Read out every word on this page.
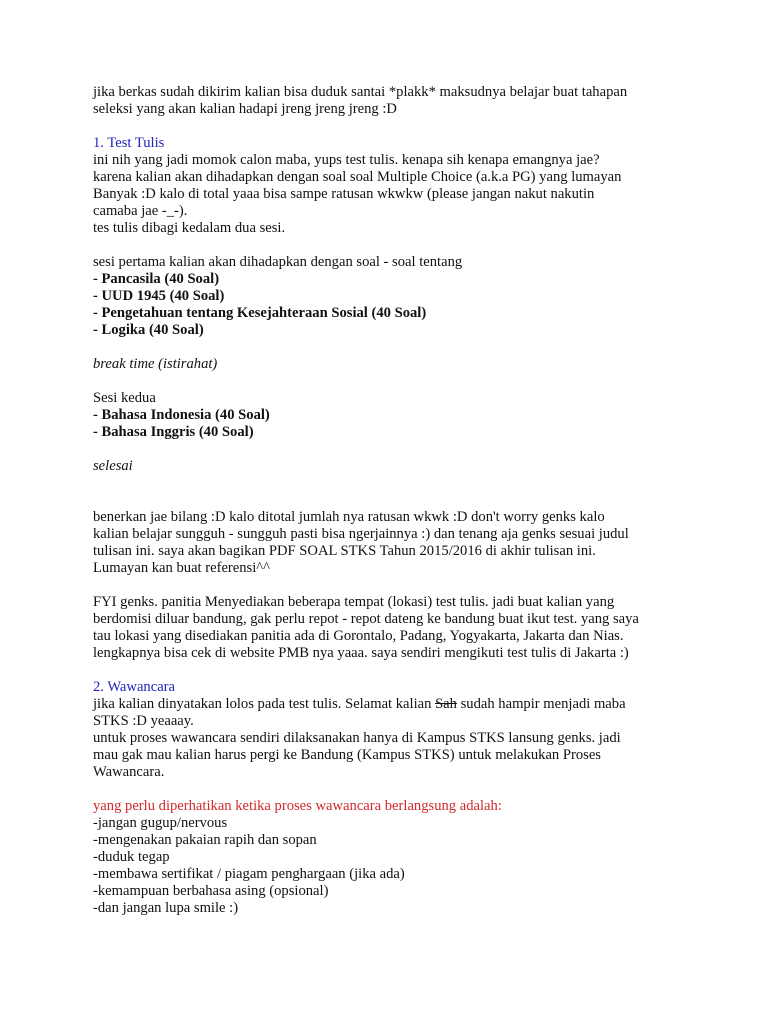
jika berkas sudah dikirim kalian bisa duduk santai *plakk* maksudnya belajar buat tahapan
seleksi yang akan kalian hadapi jreng jreng jreng :D
1. Test Tulis
ini nih yang jadi momok calon maba, yups test tulis. kenapa sih kenapa emangnya jae?
karena kalian akan dihadapkan dengan soal soal Multiple Choice (a.k.a PG) yang lumayan
Banyak :D kalo di total yaaa bisa sampe ratusan wkwkw (please jangan nakut nakutin
camaba jae -_-).
tes tulis dibagi kedalam dua sesi.
sesi pertama kalian akan dihadapkan dengan soal - soal tentang
- Pancasila (40 Soal)
- UUD 1945 (40 Soal)
- Pengetahuan tentang Kesejahteraan Sosial (40 Soal)
- Logika (40 Soal)
break time (istirahat)
Sesi kedua
- Bahasa Indonesia (40 Soal)
- Bahasa Inggris (40 Soal)
selesai
benerkan jae bilang :D kalo ditotal jumlah nya ratusan wkwk :D don't worry genks kalo
kalian belajar sungguh - sungguh pasti bisa ngerjainnya :) dan tenang aja genks sesuai judul
tulisan ini. saya akan bagikan PDF SOAL STKS Tahun 2015/2016 di akhir tulisan ini.
Lumayan kan buat referensi^^
FYI genks. panitia Menyediakan beberapa tempat (lokasi) test tulis. jadi buat kalian yang
berdomisi diluar bandung, gak perlu repot - repot dateng ke bandung buat ikut test. yang saya
tau lokasi yang disediakan panitia ada di Gorontalo, Padang, Yogyakarta, Jakarta dan Nias.
lengkapnya bisa cek di website PMB nya yaaa. saya sendiri mengikuti test tulis di Jakarta :)
2. Wawancara
jika kalian dinyatakan lolos pada test tulis. Selamat kalian Sah sudah hampir menjadi maba
STKS :D yeaaay.
untuk proses wawancara sendiri dilaksanakan hanya di Kampus STKS lansung genks. jadi
mau gak mau kalian harus pergi ke Bandung (Kampus STKS) untuk melakukan Proses
Wawancara.
yang perlu diperhatikan ketika proses wawancara berlangsung adalah:
-jangan gugup/nervous
-mengenakan pakaian rapih dan sopan
-duduk tegap
-membawa sertifikat / piagam penghargaan (jika ada)
-kemampuan berbahasa asing (opsional)
-dan jangan lupa smile :)
